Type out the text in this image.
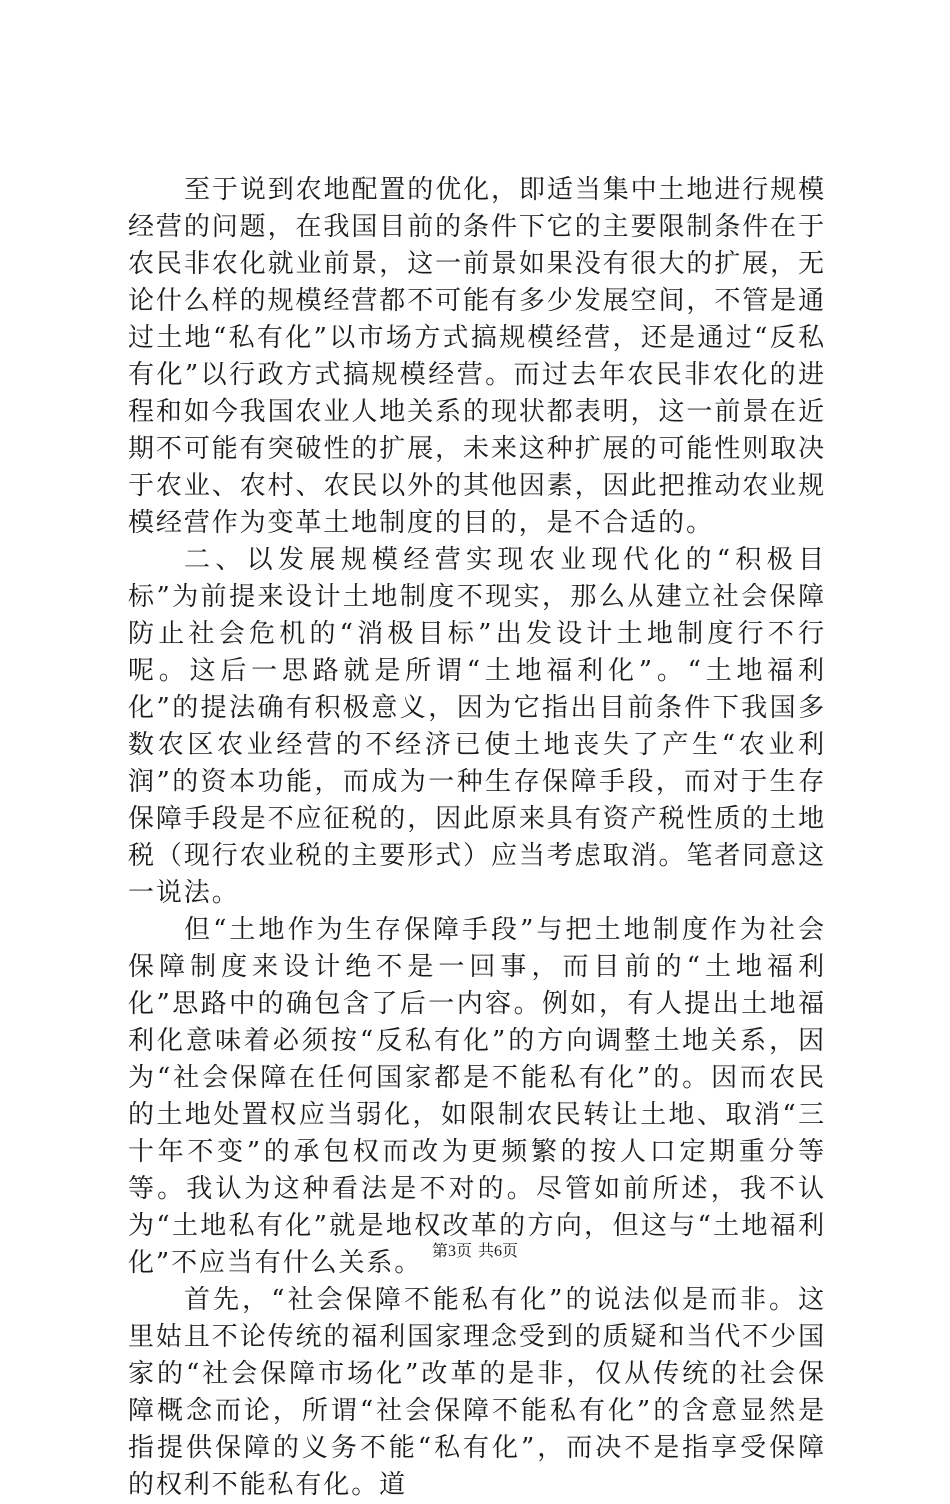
至于说到农地配置的优化，即适当集中土地进行规模经营的问题，在我国目前的条件下它的主要限制条件在于农民非农化就业前景，这一前景如果没有很大的扩展，无论什么样的规模经营都不可能有多少发展空间，不管是通过土地“私有化”以市场方式搞规模经营，还是通过“反私有化”以行政方式搞规模经营。而过去年农民非农化的进程和如今我国农业人地关系的现状都表明，这一前景在近期不可能有突破性的扩展，未来这种扩展的可能性则取决于农业、农村、农民以外的其他因素，因此把推动农业规模经营作为变革土地制度的目的，是不合适的。

二、以发展规模经营实现农业现代化的“积极目标”为前提来设计土地制度不现实，那么从建立社会保障防止社会危机的“消极目标”出发设计土地制度行不行呢。这后一思路就是所谓“土地福利化”。“土地福利化”的提法确有积极意义，因为它指出目前条件下我国多数农区农业经营的不经济已使土地丧失了产生“农业利润”的资本功能，而成为一种生存保障手段，而对于生存保障手段是不应征税的，因此原来具有资产税性质的土地税（现行农业税的主要形式）应当考虑取消。笔者同意这一说法。

但“土地作为生存保障手段”与把土地制度作为社会保障制度来设计绝不是一回事，而目前的“土地福利化”思路中的确包含了后一内容。例如，有人提出土地福利化意味着必须按“反私有化”的方向调整土地关系，因为“社会保障在任何国家都是不能私有化”的。因而农民的土地处置权应当弱化，如限制农民转让土地、取消“三十年不变”的承包权而改为更频繁的按人口定期重分等等。我认为这种看法是不对的。尽管如前所述，我不认为“土地私有化”就是地权改革的方向，但这与“土地福利化”不应当有什么关系。

首先，“社会保障不能私有化”的说法似是而非。这里姑且不论传统的福利国家理念受到的质疑和当代不少国家的“社会保障市场化”改革的是非，仅从传统的社会保障概念而论，所谓“社会保障不能私有化”的含意显然是指提供保障的义务不能“私有化”，而决不是指享受保障的权利不能私有化。道

第3页 共6页
